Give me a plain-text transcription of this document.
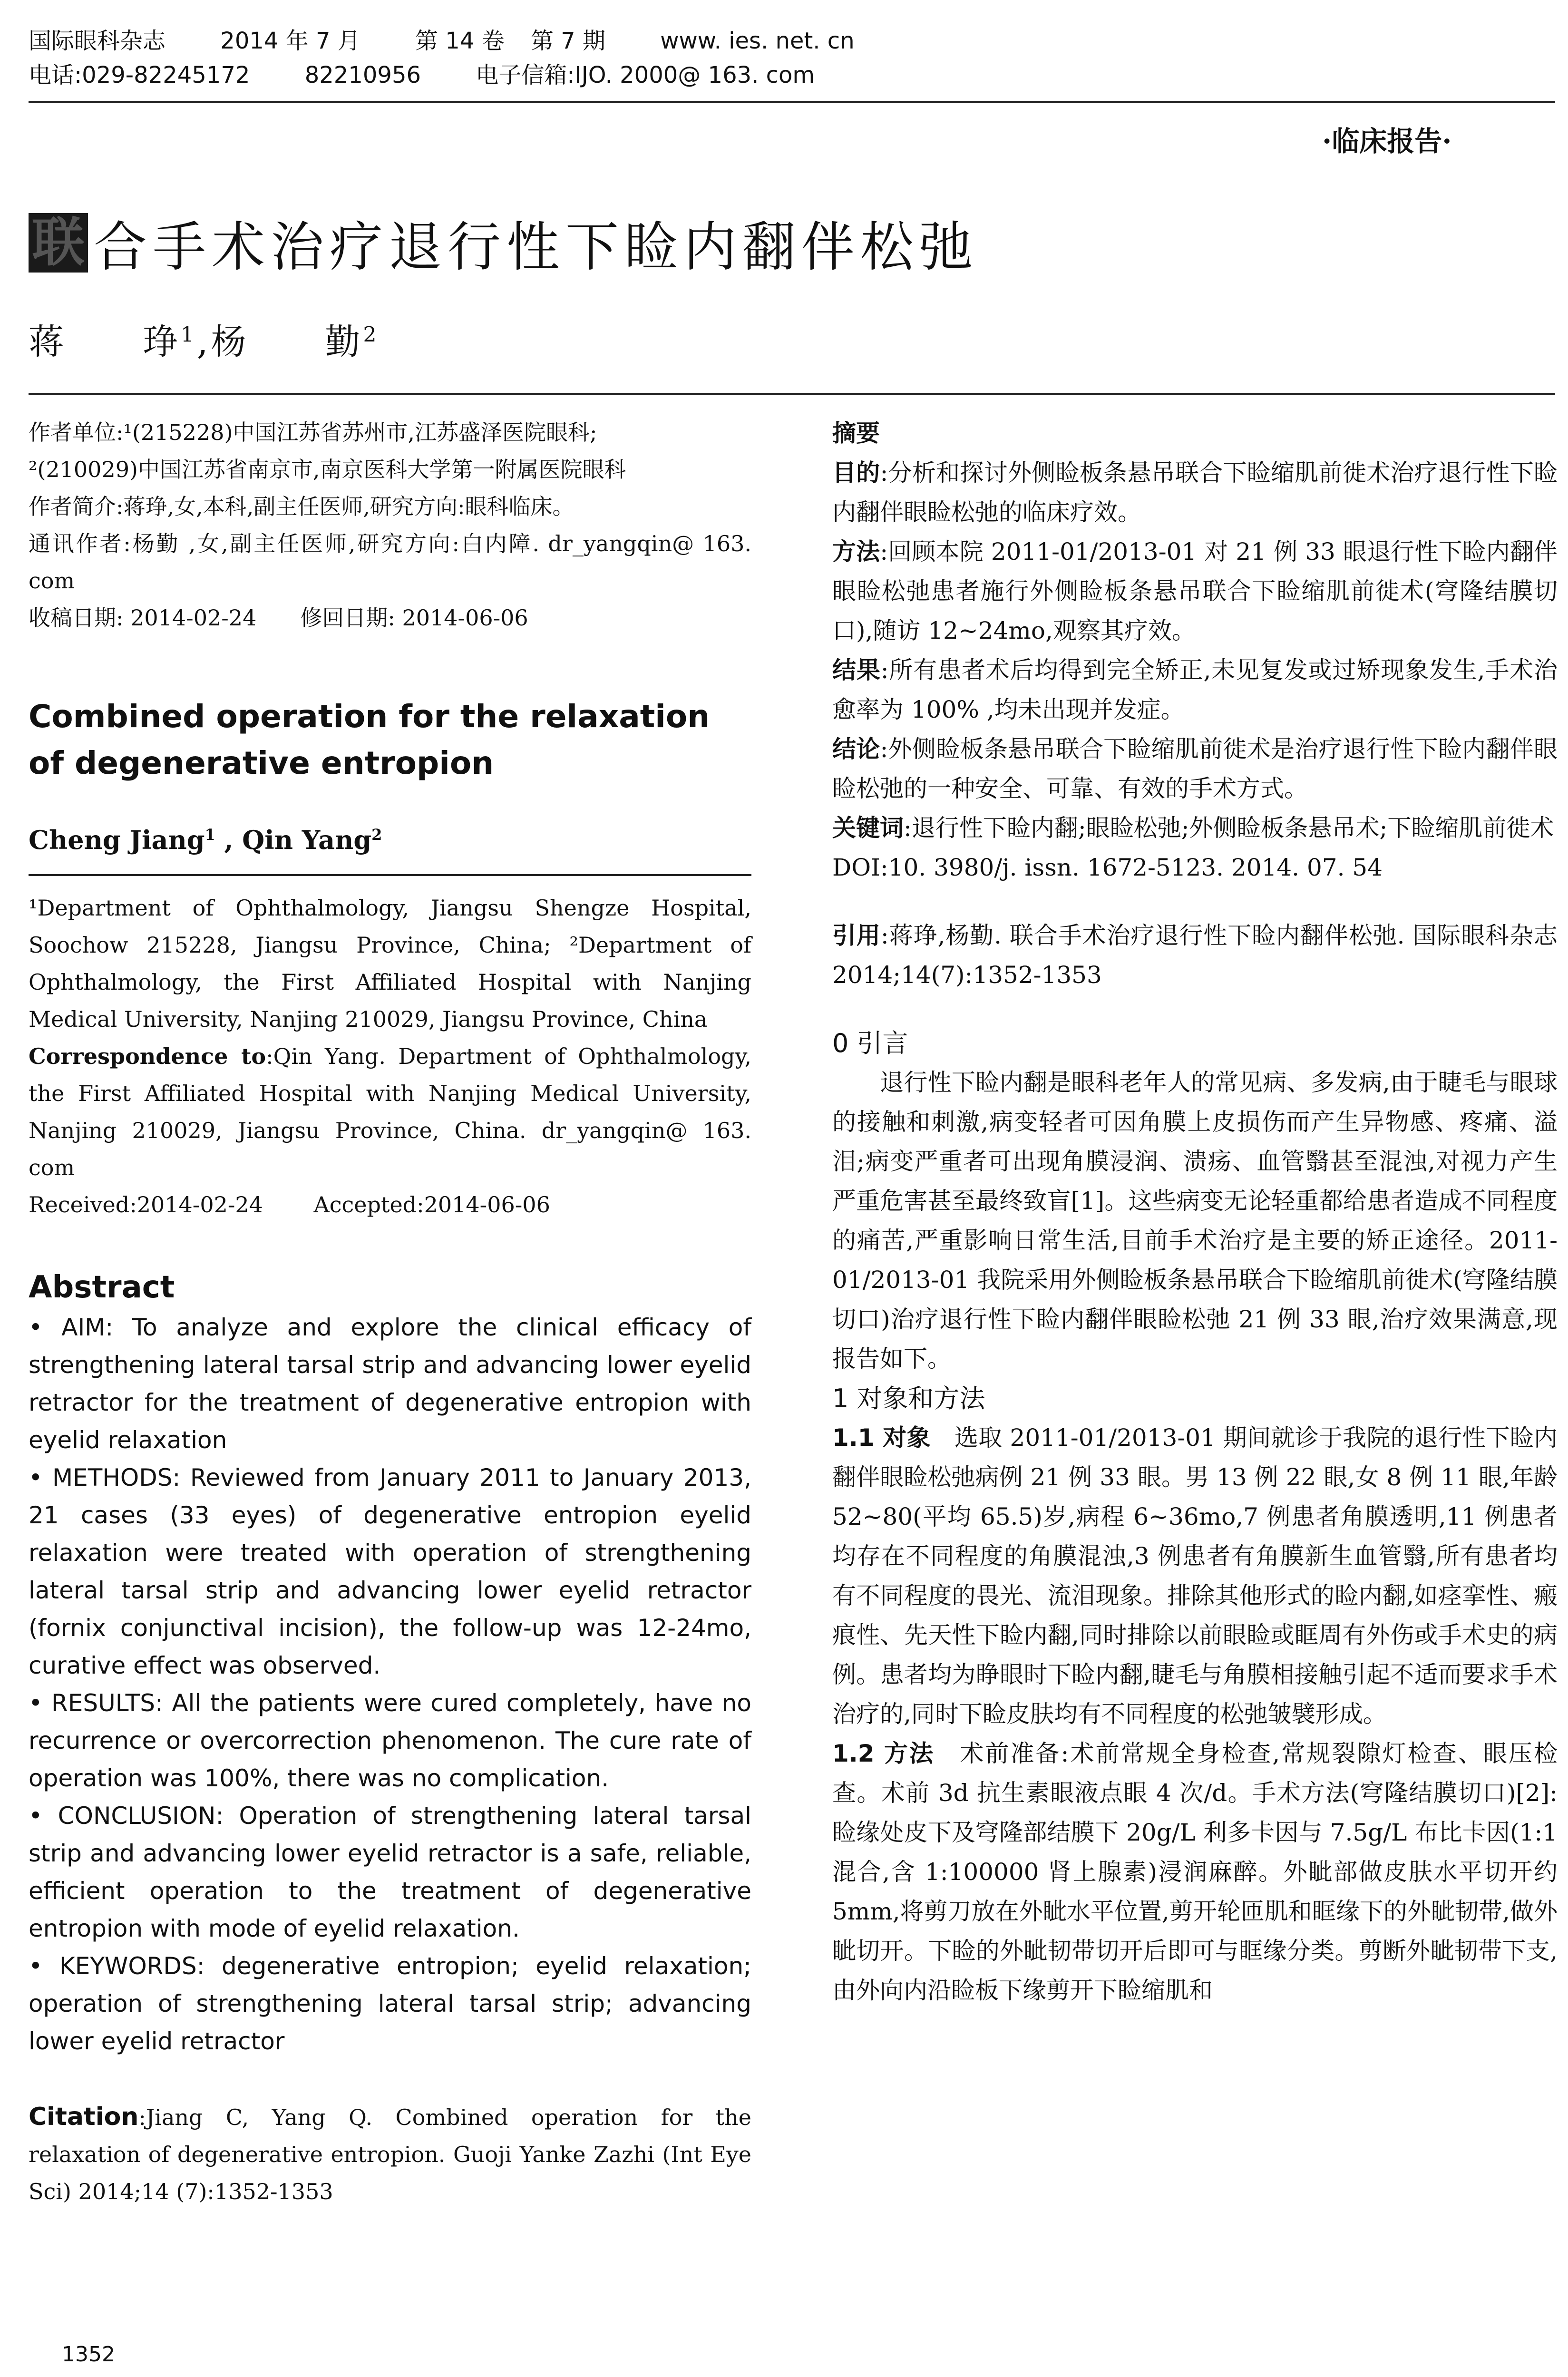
国际眼科杂志 2014 年 7 月 第 14 卷 第 7 期 www. ies. net. cn
电话:029-82245172 82210956 电子信箱:IJO. 2000@ 163. com
·临床报告·
联 合手术治疗退行性下睑内翻伴松弛
蒋　　琤$^1$,杨　　勤$^2$
作者单位:¹(215228)中国江苏省苏州市,江苏盛泽医院眼科;
²(210029)中国江苏省南京市,南京医科大学第一附属医院眼科
作者简介:蒋琤,女,本科,副主任医师,研究方向:眼科临床。
通讯作者:杨勤 ,女,副主任医师,研究方向:白内障. dr_yangqin@ 163. com
收稿日期: 2014-02-24　　修回日期: 2014-06-06
Combined operation for the relaxation of degenerative entropion
Cheng Jiang$^1$ , Qin Yang$^2$
¹Department of Ophthalmology, Jiangsu Shengze Hospital, Soochow 215228, Jiangsu Province, China; ²Department of Ophthalmology, the First Affiliated Hospital with Nanjing Medical University, Nanjing 210029, Jiangsu Province, China
Correspondence to:Qin Yang. Department of Ophthalmology, the First Affiliated Hospital with Nanjing Medical University, Nanjing 210029, Jiangsu Province, China. dr_yangqin@ 163. com
Received:2014-02-24　　 Accepted:2014-06-06
Abstract
• AIM: To analyze and explore the clinical efficacy of strengthening lateral tarsal strip and advancing lower eyelid retractor for the treatment of degenerative entropion with eyelid relaxation
• METHODS: Reviewed from January 2011 to January 2013, 21 cases (33 eyes) of degenerative entropion eyelid relaxation were treated with operation of strengthening lateral tarsal strip and advancing lower eyelid retractor (fornix conjunctival incision), the follow-up was 12-24mo, curative effect was observed.
• RESULTS: All the patients were cured completely, have no recurrence or overcorrection phenomenon. The cure rate of operation was 100%, there was no complication.
• CONCLUSION: Operation of strengthening lateral tarsal strip and advancing lower eyelid retractor is a safe, reliable, efficient operation to the treatment of degenerative entropion with mode of eyelid relaxation.
• KEYWORDS: degenerative entropion; eyelid relaxation; operation of strengthening lateral tarsal strip; advancing lower eyelid retractor
Citation:Jiang C, Yang Q. Combined operation for the relaxation of degenerative entropion. Guoji Yanke Zazhi (Int Eye Sci) 2014;14 (7):1352-1353
摘要
目的:分析和探讨外侧睑板条悬吊联合下睑缩肌前徙术治疗退行性下睑内翻伴眼睑松弛的临床疗效。
方法:回顾本院 2011-01/2013-01 对 21 例 33 眼退行性下睑内翻伴眼睑松弛患者施行外侧睑板条悬吊联合下睑缩肌前徙术(穹隆结膜切口),随访 12~24mo,观察其疗效。
结果:所有患者术后均得到完全矫正,未见复发或过矫现象发生,手术治愈率为 100% ,均未出现并发症。
结论:外侧睑板条悬吊联合下睑缩肌前徙术是治疗退行性下睑内翻伴眼睑松弛的一种安全、可靠、有效的手术方式。
关键词:退行性下睑内翻;眼睑松弛;外侧睑板条悬吊术;下睑缩肌前徙术
DOI:10. 3980/j. issn. 1672-5123. 2014. 07. 54
引用:蒋琤,杨勤. 联合手术治疗退行性下睑内翻伴松弛. 国际眼科杂志 2014;14(7):1352-1353
0 引言
退行性下睑内翻是眼科老年人的常见病、多发病,由于睫毛与眼球的接触和刺激,病变轻者可因角膜上皮损伤而产生异物感、疼痛、溢泪;病变严重者可出现角膜浸润、溃疡、血管翳甚至混浊,对视力产生严重危害甚至最终致盲[1]。这些病变无论轻重都给患者造成不同程度的痛苦,严重影响日常生活,目前手术治疗是主要的矫正途径。2011-01/2013-01 我院采用外侧睑板条悬吊联合下睑缩肌前徙术(穹隆结膜切口)治疗退行性下睑内翻伴眼睑松弛 21 例 33 眼,治疗效果满意,现报告如下。
1 对象和方法
1.1 对象　选取 2011-01/2013-01 期间就诊于我院的退行性下睑内翻伴眼睑松弛病例 21 例 33 眼。男 13 例 22 眼,女 8 例 11 眼,年龄 52~80(平均 65.5)岁,病程 6~36mo,7 例患者角膜透明,11 例患者均存在不同程度的角膜混浊,3 例患者有角膜新生血管翳,所有患者均有不同程度的畏光、流泪现象。排除其他形式的睑内翻,如痉挛性、瘢痕性、先天性下睑内翻,同时排除以前眼睑或眶周有外伤或手术史的病例。患者均为睁眼时下睑内翻,睫毛与角膜相接触引起不适而要求手术治疗的,同时下睑皮肤均有不同程度的松弛皱襞形成。
1.2 方法　术前准备:术前常规全身检查,常规裂隙灯检查、眼压检查。术前 3d 抗生素眼液点眼 4 次/d。手术方法(穹隆结膜切口)[2]:睑缘处皮下及穹隆部结膜下 20g/L 利多卡因与 7.5g/L 布比卡因(1:1 混合,含 1:100000 肾上腺素)浸润麻醉。外眦部做皮肤水平切开约 5mm,将剪刀放在外眦水平位置,剪开轮匝肌和眶缘下的外眦韧带,做外眦切开。下睑的外眦韧带切开后即可与眶缘分类。剪断外眦韧带下支,由外向内沿睑板下缘剪开下睑缩肌和
1352
